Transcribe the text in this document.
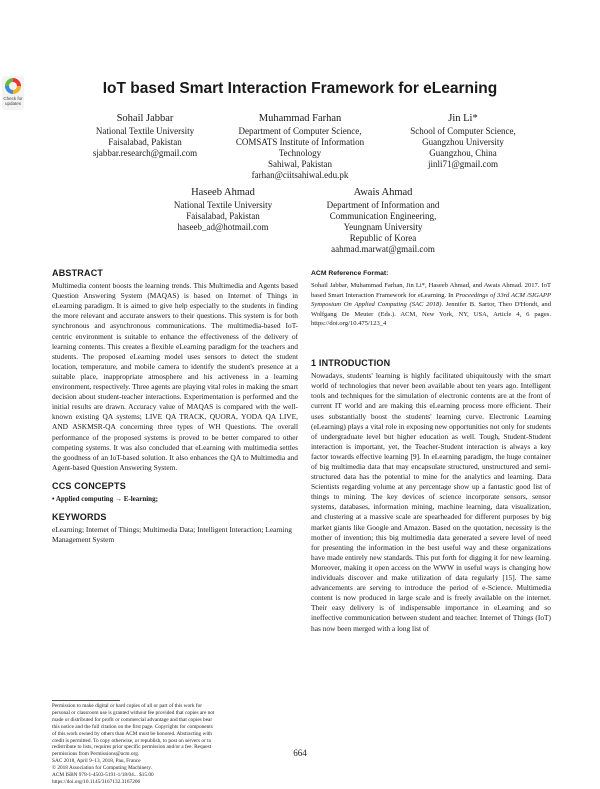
Check for updates
IoT based Smart Interaction Framework for eLearning
Sohail Jabbar
National Textile University
Faisalabad, Pakistan
sjabbar.research@gmail.com
Muhammad Farhan
Department of Computer Science,
COMSATS Institute of Information
Technology
Sahiwal, Pakistan
farhan@ciitsahiwal.edu.pk
Jin Li*
School of Computer Science,
Guangzhou University
Guangzhou, China
jinli71@gmail.com
Haseeb Ahmad
National Textile University
Faisalabad, Pakistan
haseeb_ad@hotmail.com
Awais Ahmad
Department of Information and
Communication Engineering,
Yeungnam University
Republic of Korea
aahmad.marwat@gmail.com
ABSTRACT

Multimedia content boosts the learning trends. This Multimedia and Agents based Question Answering System (MAQAS) is based on Internet of Things in eLearning paradigm. It is aimed to give help especially to the students in finding the more relevant and accurate answers to their questions. This system is for both synchronous and asynchronous communications. The multimedia-based IoT-centric environment is suitable to enhance the effectiveness of the delivery of learning contents. This creates a flexible eLearning paradigm for the teachers and students. The proposed eLearning model uses sensors to detect the student location, temperature, and mobile camera to identify the student's presence at a suitable place, inappropriate atmosphere and his activeness in a learning environment, respectively. Three agents are playing vital roles in making the smart decision about student-teacher interactions. Experimentation is performed and the initial results are drawn. Accuracy value of MAQAS is compared with the well-known existing QA systems; LIVE QA TRACK, QUORA, YODA QA LIVE, AND ASKMSR-QA concerning three types of WH Questions. The overall performance of the proposed systems is proved to be better compared to other competing systems. It was also concluded that eLearning with multimedia settles the goodness of an IoT-based solution. It also enhances the QA to Multimedia and Agent-based Question Answering System.

CCS CONCEPTS

• Applied computing → E-learning;

KEYWORDS

eLearning; Internet of Things; Multimedia Data; Intelligent Interaction; Learning Management System

Permission to make digital or hard copies of all or part of this work for
personal or classroom use is granted without fee provided that copies are not
made or distributed for profit or commercial advantage and that copies bear
this notice and the full citation on the first page. Copyrights for components
of this work owned by others than ACM must be honored. Abstracting with
credit is permitted. To copy otherwise, or republish, to post on servers or to
redistribute to lists, requires prior specific permission and/or a fee. Request
permissions from Permissions@acm.org.
SAC 2018, April 9–13, 2018, Pau, France
© 2018 Association for Computing Machinery.
ACM ISBN 978-1-4503-5191-1/18/04... $15.00
https://doi.org/10.1145/3167132.3167206
ACM Reference Format:

Sohail Jabbar, Muhammad Farhan, Jin Li*, Haseeb Ahmad, and Awais Ahmad. 2017. IoT based Smart Interaction Framework for eLearning. In Proceedings of 33rd ACM /SIGAPP Symposium On Applied Computing (SAC 2018). Jennifer B. Sartor, Theo D'Hondt, and Wolfgang De Meuter (Eds.). ACM, New York, NY, USA, Article 4, 6 pages. https://doi.org/10.475/123_4

1 INTRODUCTION

Nowadays, students' learning is highly facilitated ubiquitously with the smart world of technologies that never been available about ten years ago. Intelligent tools and techniques for the simulation of electronic contents are at the front of current IT world and are making this eLearning process more efficient. Their uses substantially boost the students' learning curve. Electronic Learning (eLearning) plays a vital role in exposing new opportunities not only for students of undergraduate level but higher education as well. Tough, Student-Student interaction is important, yet, the Teacher-Student interaction is always a key factor towards effective learning [9]. In eLearning paradigm, the huge container of big multimedia data that may encapsulate structured, unstructured and semi-structured data has the potential to mine for the analytics and learning. Data Scientists regarding volume at any percentage show up a fantastic good list of things to mining. The key devices of science incorporate sensors, sensor systems, databases, information mining, machine learning, data visualization, and clustering at a massive scale are spearheaded for different purposes by big market giants like Google and Amazon. Based on the quotation, necessity is the mother of invention; this big multimedia data generated a severe level of need for presenting the information in the best useful way and these organizations have made entirely new standards. This put forth for digging it for new learning. Moreover, making it open access on the WWW in useful ways is changing how individuals discover and make utilization of data regularly [15]. The same advancements are serving to introduce the period of e-Science. Multimedia content is now produced in large scale and is freely available on the internet. Their easy delivery is of indispensable importance in eLearning and so ineffective communication between student and teacher. Internet of Things (IoT) has now been merged with a long list of

664
